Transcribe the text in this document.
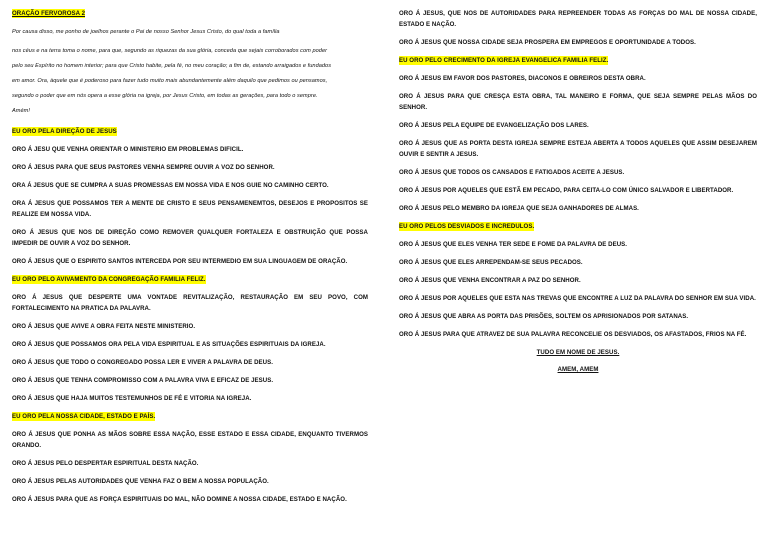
ORAÇÃO FERVOROSA 2

Por causa disso, me ponho de joelhos perante o Pai de nosso Senhor Jesus Cristo, do qual toda a família

nos céus e na terra toma o nome, para que, segundo as riquezas da sua glória, conceda que sejais corroborados com poder

pelo seu Espírito no homem interior; para que Cristo habite, pela fé, no meu coração; a fim de, estando arraigados e fundados

em amor. Ora, àquele que é poderoso para fazer tudo muito mais abundantemente além daquilo que pedimos ou pensamos,

segundo o poder que em nós opera a esse glória na igreja, por Jesus Cristo, em todas as gerações, para todo o sempre.

Amém!

EU ORO PELA DIREÇÃO DE JESUS

ORO Á JESU QUE VENHA ORIENTAR O MINISTERIO EM PROBLEMAS DIFICIL.

ORO Á JESUS PARA QUE SEUS PASTORES VENHA SEMPRE OUVIR A VOZ DO SENHOR.

ORA Á JESUS QUE SE CUMPRA A SUAS PROMESSAS EM NOSSA VIDA E NOS GUIE NO CAMINHO CERTO.

ORA Á JESUS QUE POSSAMOS TER A MENTE DE CRISTO E SEUS PENSAMENEMTOS, DESEJOS E PROPOSITOS SE REALIZE EM NOSSA VIDA.

ORO Á JESUS QUE NOS DE DIREÇÃO COMO REMOVER QUALQUER FORTALEZA E OBSTRUIÇÃO QUE POSSA IMPEDIR DE OUVIR A VOZ DO SENHOR.

ORO Á JESUS QUE O ESPIRITO SANTOS INTERCEDA POR SEU INTERMEDIO EM SUA LINGUAGEM DE ORAÇÃO.

EU ORO PELO AVIVAMENTO DA CONGREGAÇÃO FAMILIA FELIZ.

ORO Á JESUS QUE DESPERTE UMA VONTADE REVITALIZAÇÃO, RESTAURAÇÃO EM SEU POVO, COM FORTALECIMENTO NA PRATICA DA PALAVRA.

ORO Á JESUS QUE AVIVE A OBRA FEITA NESTE MINISTERIO.

ORO Á JESUS QUE POSSAMOS ORA PELA VIDA ESPIRITUAL E AS SITUAÇÕES ESPIRITUAIS DA IGREJA.

ORO Á JESUS QUE TODO O CONGREGADO POSSA LER E VIVER A PALAVRA DE DEUS.

ORO Á JESUS QUE TENHA COMPROMISSO COM A PALAVRA VIVA E EFICAZ DE JESUS.

ORO Á JESUS QUE HAJA MUITOS TESTEMUNHOS DE FÉ E VITORIA NA IGREJA.

EU ORO PELA NOSSA CIDADE, ESTADO E PAÍS.

ORO Á JESUS QUE PONHA AS MÃOS SOBRE ESSA NAÇÃO, ESSE ESTADO E ESSA CIDADE, ENQUANTO TIVERMOS ORANDO.

ORO Á JESUS PELO DESPERTAR ESPIRITUAL DESTA NAÇÃO.

ORO Á JESUS PELAS AUTORIDADES QUE VENHA FAZ O BEM A NOSSA POPULAÇÃO.

ORO Á JESUS PARA QUE AS FORÇA ESPIRITUAIS DO MAL, NÃO DOMINE A NOSSA CIDADE, ESTADO E NAÇÃO.

ORO Á JESUS, QUE NOS DE AUTORIDADES PARA REPREENDER TODAS AS FORÇAS DO MAL DE NOSSA CIDADE, ESTADO E NAÇÃO.

ORO Á JESUS QUE NOSSA CIDADE SEJA PROSPERA EM EMPREGOS E OPORTUNIDADE A TODOS.

EU ORO PELO CRECIMENTO DA IGREJA EVANGELICA FAMILIA FELIZ.

ORO Á JESUS EM FAVOR DOS PASTORES, DIACONOS E OBREIROS DESTA OBRA.

ORO Á JESUS PARA QUE CRESÇA ESTA OBRA, TAL MANEIRO E FORMA, QUE SEJA SEMPRE PELAS MÃOS DO SENHOR.

ORO Á JESUS PELA EQUIPE DE EVANGELIZAÇÃO DOS LARES.

ORO Á JESUS QUE AS PORTA DESTA IGREJA SEMPRE ESTEJA ABERTA A TODOS AQUELES QUE ASSIM DESEJAREM OUVIR E SENTIR A JESUS.

ORO Á JESUS QUE TODOS OS CANSADOS E FATIGADOS ACEITE A JESUS.

ORO Á JESUS POR AQUELES QUE ESTÃ EM PECADO, PARA CEITA-LO COM ÚNICO SALVADOR E LIBERTADOR.

ORO Á JESUS PELO MEMBRO DA IGREJA QUE SEJA GANHADORES DE ALMAS.

EU ORO PELOS DESVIADOS E INCREDULOS.

ORO Á JESUS QUE ELES VENHA TER SEDE E FOME DA PALAVRA DE DEUS.

ORO Á JESUS QUE ELES ARREPENDAM-SE SEUS PECADOS.

ORO Á JESUS QUE VENHA ENCONTRAR A PAZ DO SENHOR.

ORO Á JESUS POR AQUELES QUE ESTA NAS TREVAS QUE ENCONTRE A LUZ DA PALAVRA DO SENHOR EM SUA VIDA.

ORO Á JESUS QUE ABRA AS PORTA DAS PRISÕES, SOLTEM OS APRISIONADOS POR SATANAS.

ORO Á JESUS PARA QUE ATRAVEZ DE SUA PALAVRA RECONCELIE OS DESVIADOS, OS AFASTADOS, FRIOS NA FÉ.

TUDO EM NOME DE JESUS.

AMEM, AMEM
